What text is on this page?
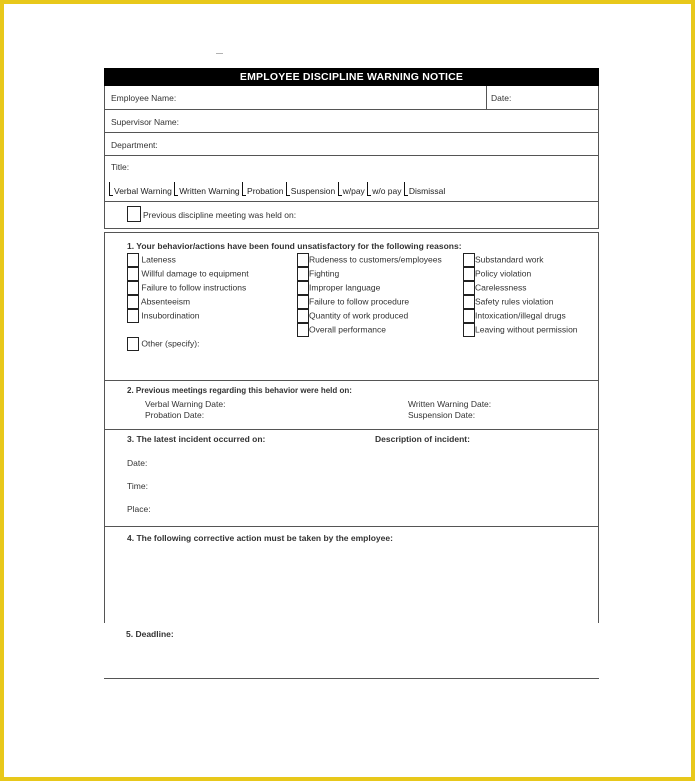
—
EMPLOYEE DISCIPLINE WARNING NOTICE
Employee Name:	Date:
Supervisor Name:
Department:
Title:
Verbal Warning Written Warning Probation Suspension w/pay w/o pay Dismissal
Previous discipline meeting was held on:
1. Your behavior/actions have been found unsatisfactory for the following reasons:
Lateness
Willful damage to equipment
Failure to follow instructions
Absenteeism
Insubordination
Rudeness to customers/employees
Fighting
Improper language
Failure to follow procedure
Quantity of work produced
Overall performance
Substandard work
Policy violation
Carelessness
Safety rules violation
Intoxication/illegal drugs
Leaving without permission
Other (specify):
2. Previous meetings regarding this behavior were held on:
Verbal Warning Date:
Probation Date:
Written Warning Date:
Suspension Date:
3. The latest incident occurred on:	Description of incident:
Date:
Time:
Place:
4. The following corrective action must be taken by the employee:
5. Deadline:
